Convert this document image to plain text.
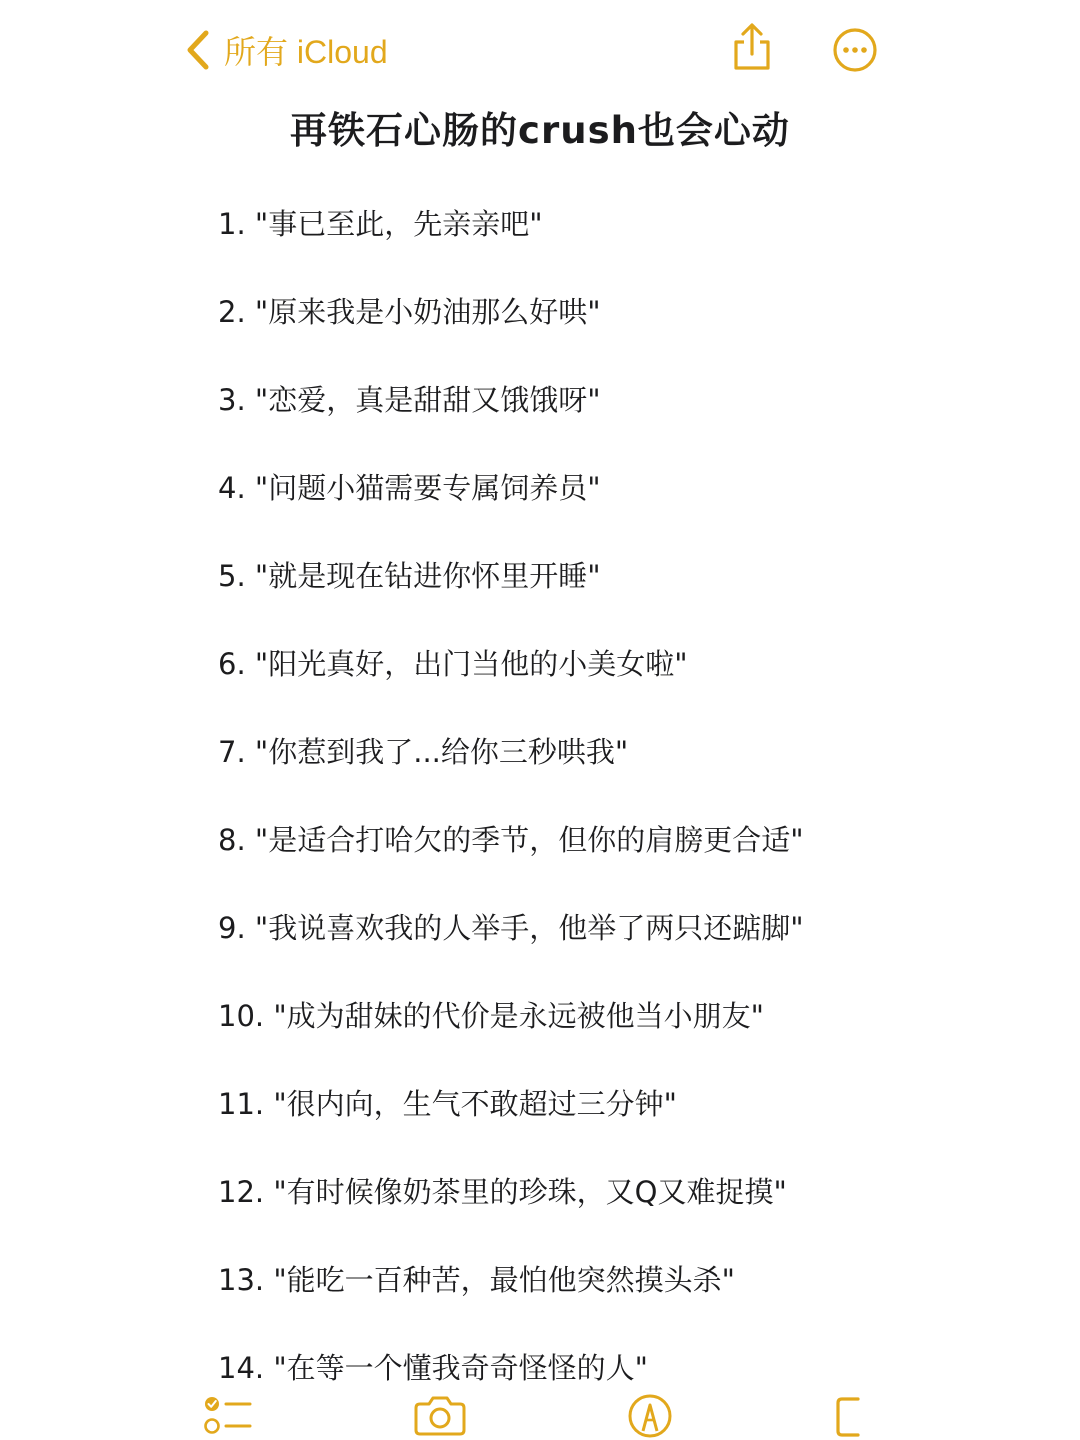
所有 iCloud
再铁石心肠的crush也会心动
1. "事已至此，先亲亲吧"
2. "原来我是小奶油那么好哄"
3. "恋爱，真是甜甜又饿饿呀"
4. "问题小猫需要专属饲养员"
5. "就是现在钻进你怀里开睡"
6. "阳光真好，出门当他的小美女啦"
7. "你惹到我了...给你三秒哄我"
8. "是适合打哈欠的季节，但你的肩膀更合适"
9. "我说喜欢我的人举手，他举了两只还踮脚"
10. "成为甜妹的代价是永远被他当小朋友"
11. "很内向，生气不敢超过三分钟"
12. "有时候像奶茶里的珍珠，又Q又难捉摸"
13. "能吃一百种苦，最怕他突然摸头杀"
14. "在等一个懂我奇奇怪怪的人"
